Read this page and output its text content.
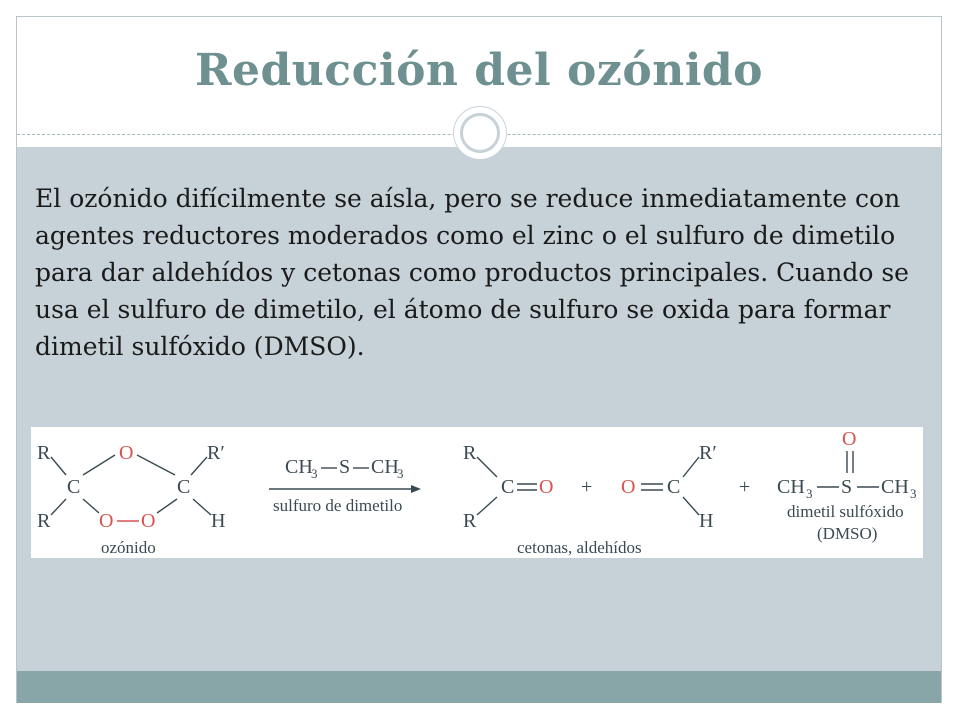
Reducción del ozónido

El ozónido difícilmente se aísla, pero se reduce inmediatamente con agentes reductores moderados como el zinc o el sulfuro de dimetilo para dar aldehídos y cetonas como productos principales. Cuando se usa el sulfuro de dimetilo, el átomo de sulfuro se oxida para formar dimetil sulfóxido (DMSO).

R	O	R′
C	C
R O O	H
ozónido
CH
3 S CH
3
sulfuro de dimetilo
R
C O
R
+ O C
R′
H
cetonas, aldehídos
+
O
CH 3 S CH 3
dimetil sulfóxido
(DMSO)
